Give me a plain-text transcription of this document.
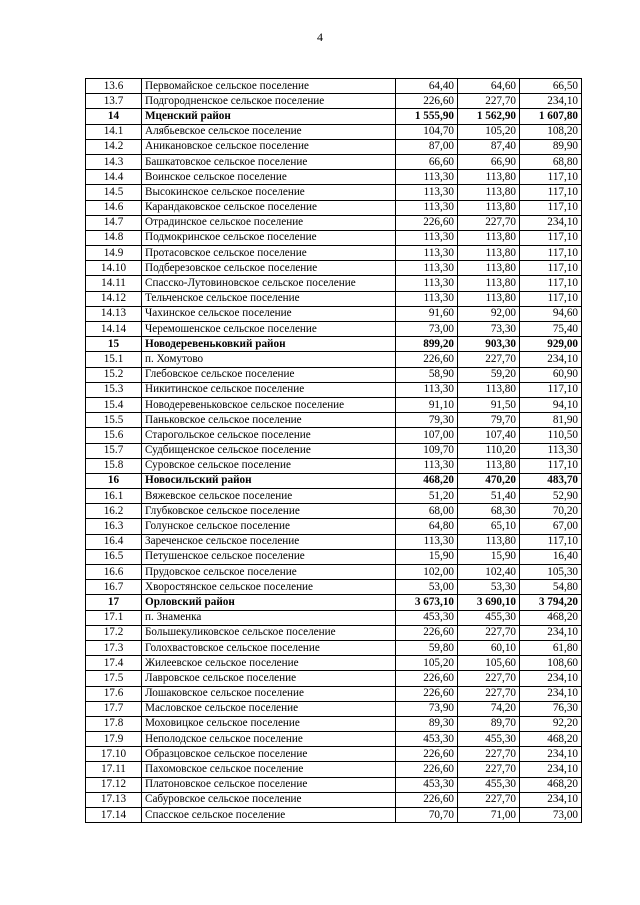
4
13.6	Первомайское сельское поселение	64,40	64,60	66,50
13.7	Подгородненское сельское поселение	226,60	227,70	234,10
14	Мценский район	1 555,90	1 562,90	1 607,80
14.1	Алябьевское сельское поселение	104,70	105,20	108,20
14.2	Аникановское сельское поселение	87,00	87,40	89,90
14.3	Башкатовское сельское поселение	66,60	66,90	68,80
14.4	Воинское сельское поселение	113,30	113,80	117,10
14.5	Высокинское сельское поселение	113,30	113,80	117,10
14.6	Карандаковское сельское поселение	113,30	113,80	117,10
14.7	Отрадинское сельское поселение	226,60	227,70	234,10
14.8	Подмокринское сельское поселение	113,30	113,80	117,10
14.9	Протасовское сельское поселение	113,30	113,80	117,10
14.10	Подберезовское сельское поселение	113,30	113,80	117,10
14.11	Спасско-Лутовиновское сельское поселение	113,30	113,80	117,10
14.12	Тельченское сельское поселение	113,30	113,80	117,10
14.13	Чахинское сельское поселение	91,60	92,00	94,60
14.14	Черемошенское сельское поселение	73,00	73,30	75,40
15	Новодеревеньковкий район	899,20	903,30	929,00
15.1	п. Хомутово	226,60	227,70	234,10
15.2	Глебовское сельское поселение	58,90	59,20	60,90
15.3	Никитинское сельское поселение	113,30	113,80	117,10
15.4	Новодеревеньковское сельское поселение	91,10	91,50	94,10
15.5	Паньковское сельское поселение	79,30	79,70	81,90
15.6	Старогольское сельское поселение	107,00	107,40	110,50
15.7	Судбищенское сельское поселение	109,70	110,20	113,30
15.8	Суровское сельское поселение	113,30	113,80	117,10
16	Новосильский район	468,20	470,20	483,70
16.1	Вяжевское сельское поселение	51,20	51,40	52,90
16.2	Глубковское сельское поселение	68,00	68,30	70,20
16.3	Голунское сельское поселение	64,80	65,10	67,00
16.4	Зареченское сельское поселение	113,30	113,80	117,10
16.5	Петушенское сельское поселение	15,90	15,90	16,40
16.6	Прудовское сельское поселение	102,00	102,40	105,30
16.7	Хворостянское сельское поселение	53,00	53,30	54,80
17	Орловский район	3 673,10	3 690,10	3 794,20
17.1	п. Знаменка	453,30	455,30	468,20
17.2	Большекуликовское сельское поселение	226,60	227,70	234,10
17.3	Голохвастовское сельское поселение	59,80	60,10	61,80
17.4	Жилеевское сельское поселение	105,20	105,60	108,60
17.5	Лавровское сельское поселение	226,60	227,70	234,10
17.6	Лошаковское сельское поселение	226,60	227,70	234,10
17.7	Масловское сельское поселение	73,90	74,20	76,30
17.8	Моховицкое сельское поселение	89,30	89,70	92,20
17.9	Неполодское сельское поселение	453,30	455,30	468,20
17.10	Образцовское сельское поселение	226,60	227,70	234,10
17.11	Пахомовское сельское поселение	226,60	227,70	234,10
17.12	Платоновское сельское поселение	453,30	455,30	468,20
17.13	Сабуровское сельское поселение	226,60	227,70	234,10
17.14	Спасское сельское поселение	70,70	71,00	73,00
